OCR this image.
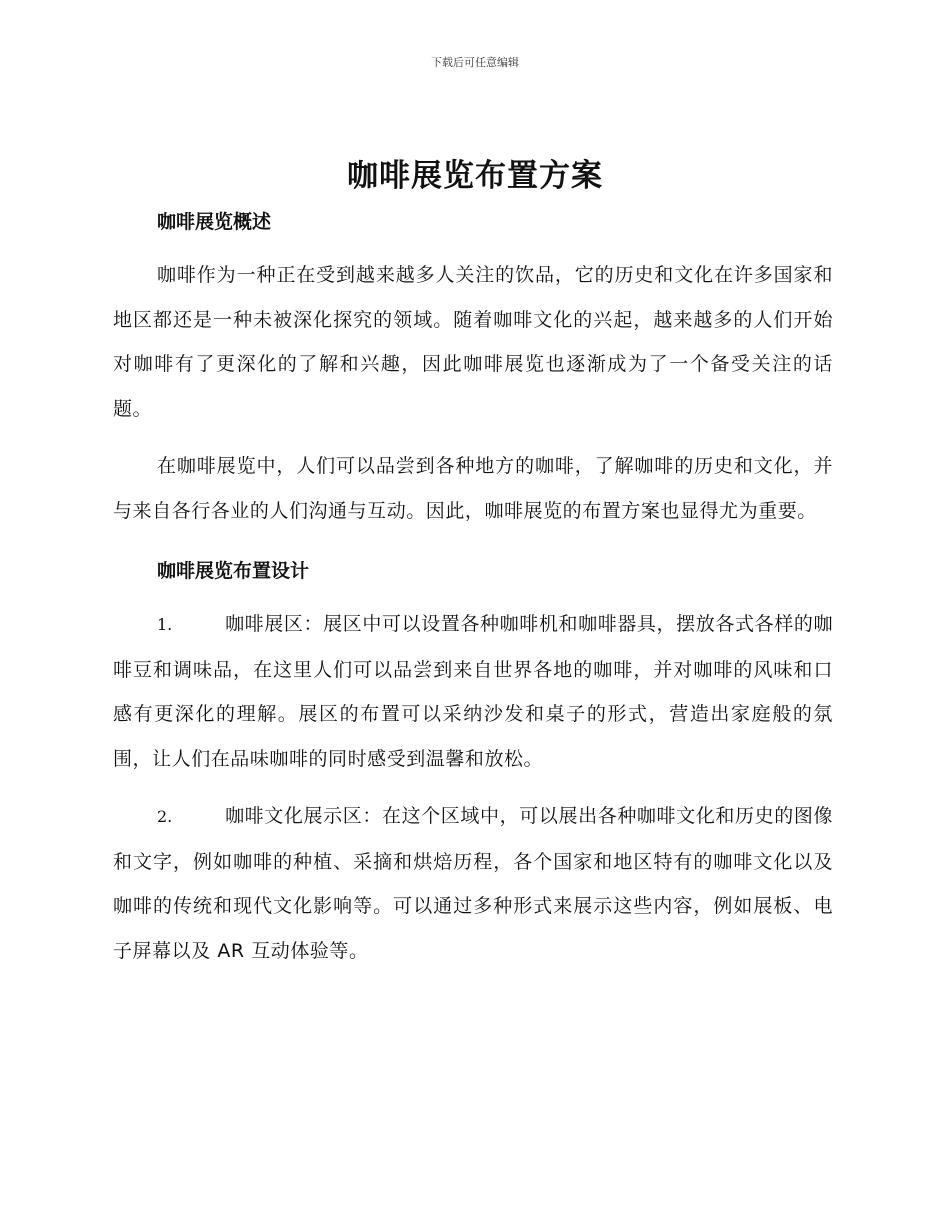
下载后可任意编辑
咖啡展览布置方案
咖啡展览概述

咖啡作为一种正在受到越来越多人关注的饮品，它的历史和文化在许多国家和地区都还是一种未被深化探究的领域。随着咖啡文化的兴起，越来越多的人们开始对咖啡有了更深化的了解和兴趣，因此咖啡展览也逐渐成为了一个备受关注的话题。

在咖啡展览中，人们可以品尝到各种地方的咖啡，了解咖啡的历史和文化，并与来自各行各业的人们沟通与互动。因此，咖啡展览的布置方案也显得尤为重要。

咖啡展览布置设计

1.	咖啡展区：展区中可以设置各种咖啡机和咖啡器具，摆放各式各样的咖啡豆和调味品，在这里人们可以品尝到来自世界各地的咖啡，并对咖啡的风味和口感有更深化的理解。展区的布置可以采纳沙发和桌子的形式，营造出家庭般的氛围，让人们在品味咖啡的同时感受到温馨和放松。

2.	咖啡文化展示区：在这个区域中，可以展出各种咖啡文化和历史的图像和文字，例如咖啡的种植、采摘和烘焙历程，各个国家和地区特有的咖啡文化以及咖啡的传统和现代文化影响等。可以通过多种形式来展示这些内容，例如展板、电子屏幕以及 AR 互动体验等。
